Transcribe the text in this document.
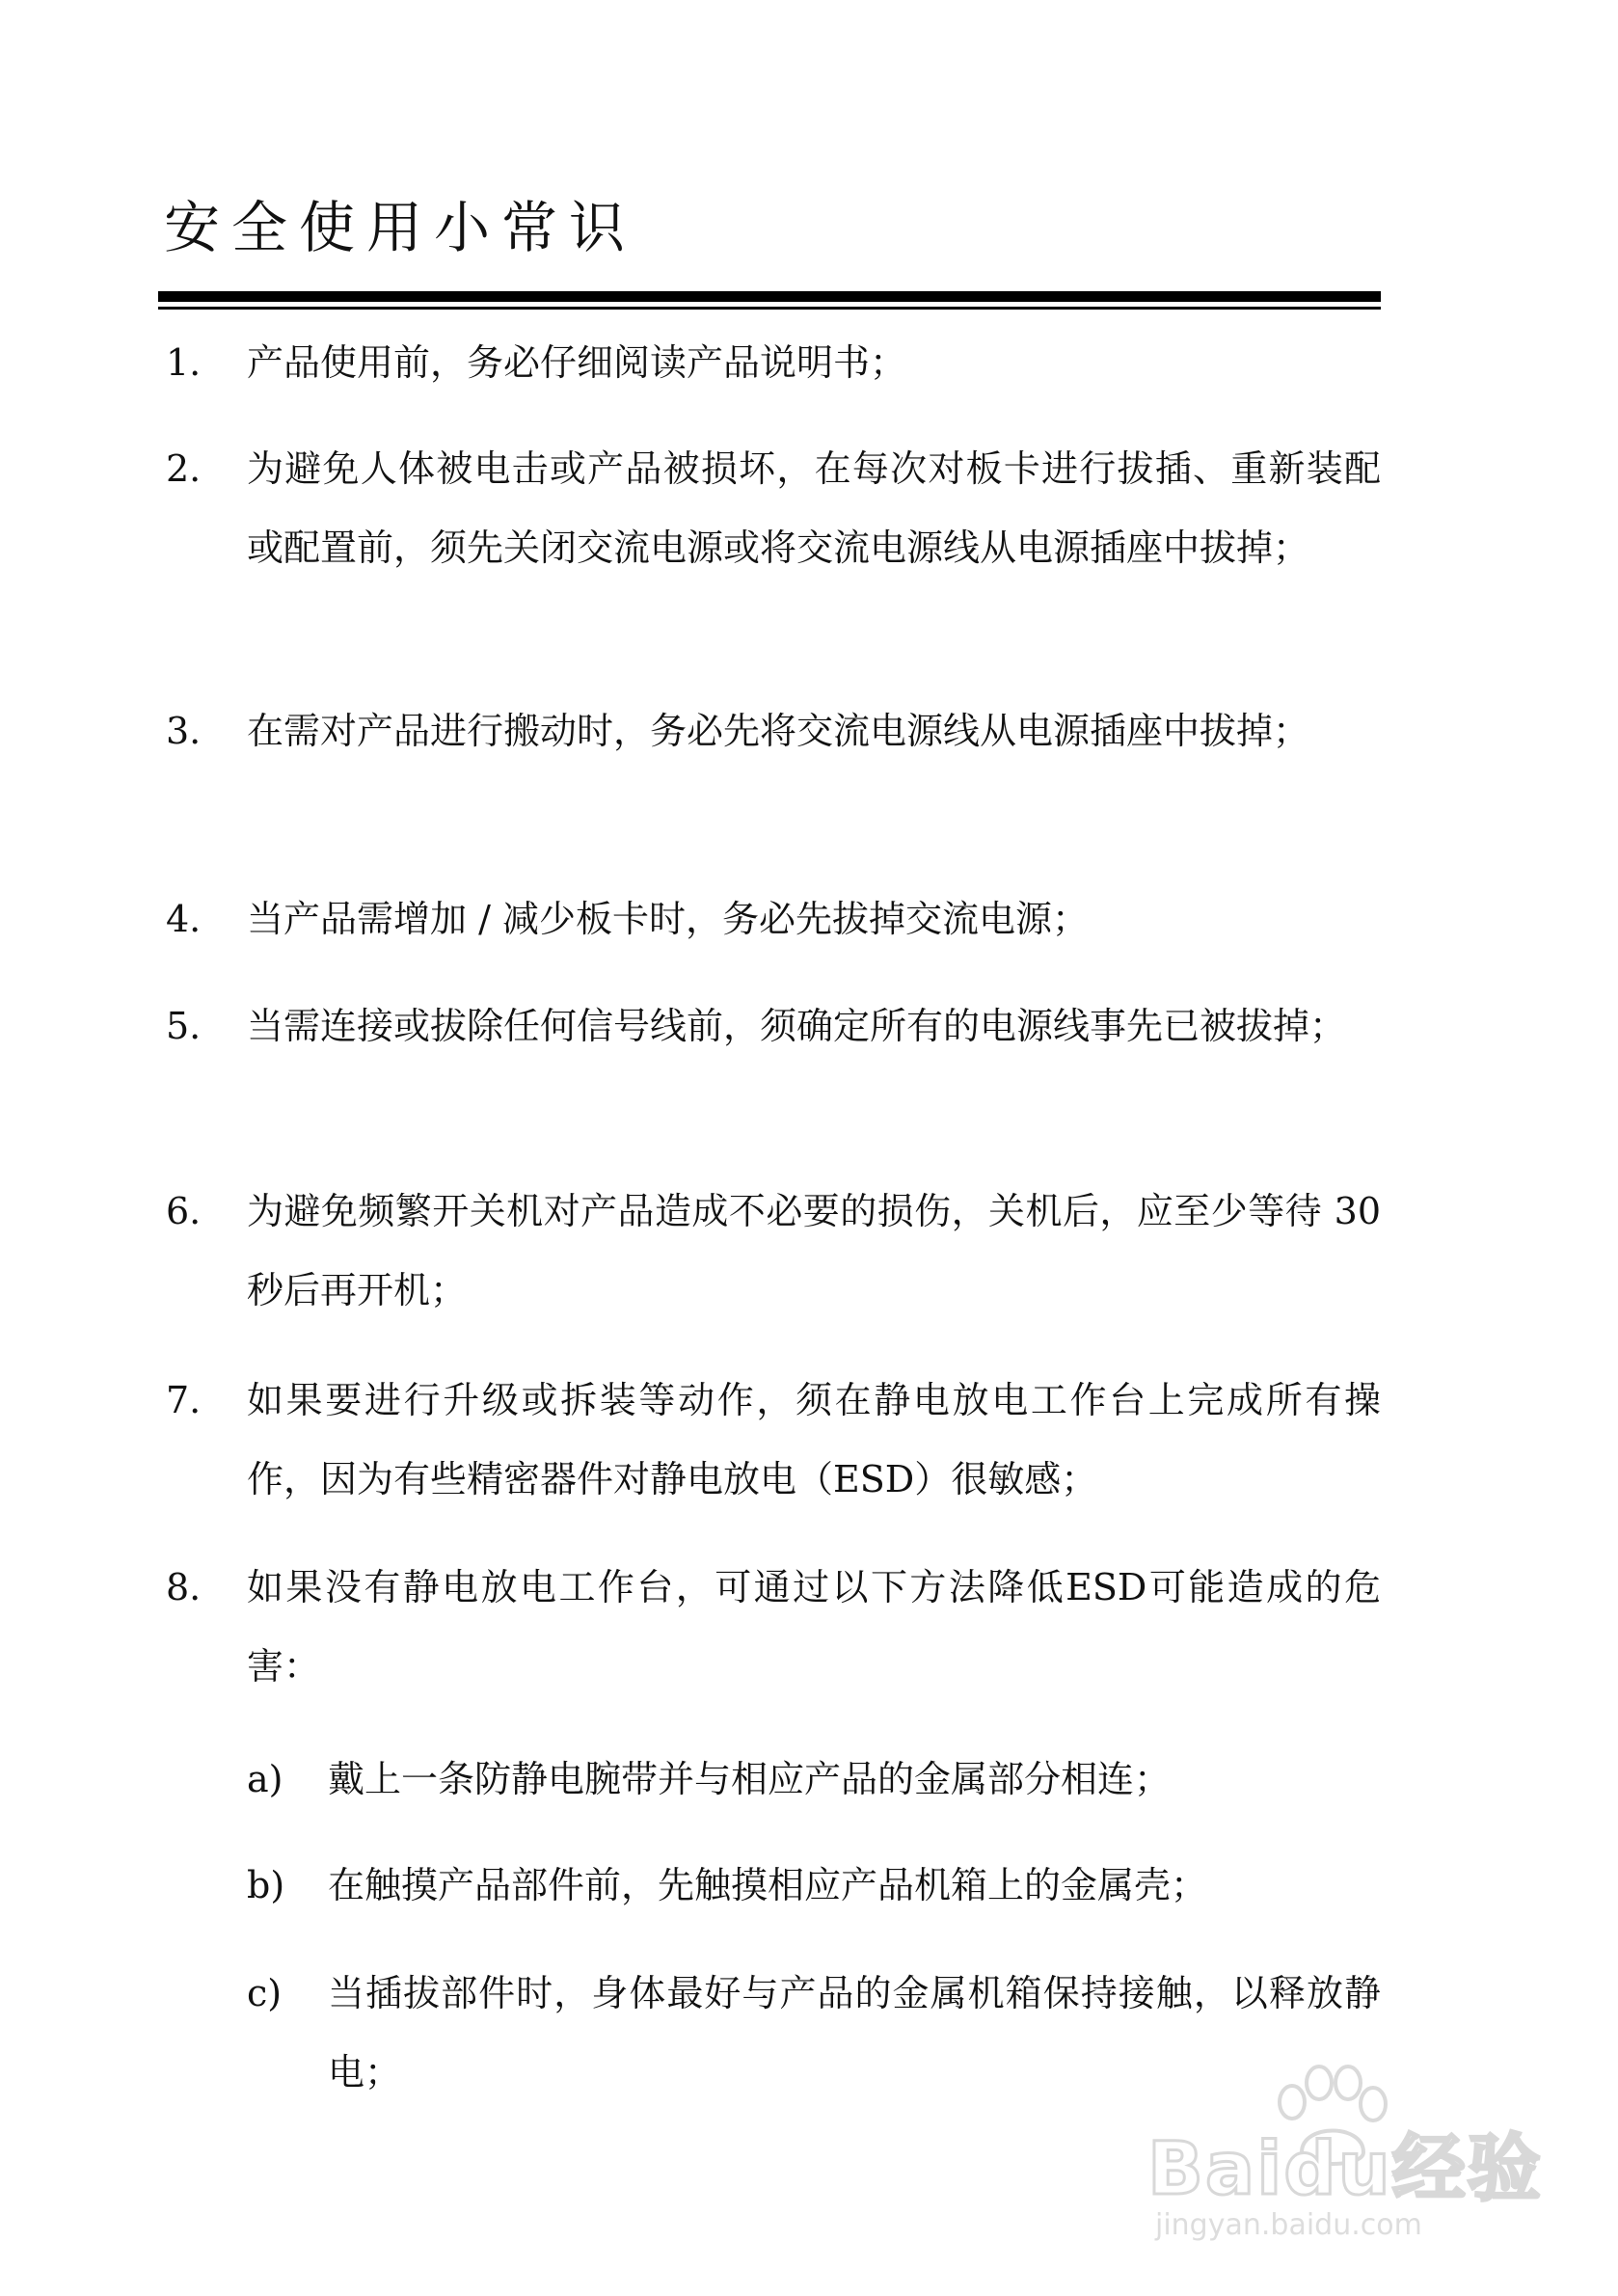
安全使用小常识
1.	产品使用前，务必仔细阅读产品说明书；
2.	为避免人体被电击或产品被损坏，在每次对板卡进行拔插、重新装配或配置前，须先关闭交流电源或将交流电源线从电源插座中拔掉；
3.	在需对产品进行搬动时，务必先将交流电源线从电源插座中拔掉；
4.	当产品需增加 / 减少板卡时，务必先拔掉交流电源；
5.	当需连接或拔除任何信号线前，须确定所有的电源线事先已被拔掉；
6.	为避免频繁开关机对产品造成不必要的损伤，关机后，应至少等待 30 秒后再开机；
7.	如果要进行升级或拆装等动作，须在静电放电工作台上完成所有操作，因为有些精密器件对静电放电（ESD）很敏感；
8.	如果没有静电放电工作台，可通过以下方法降低ESD可能造成的危害：
a)	戴上一条防静电腕带并与相应产品的金属部分相连；
b)	在触摸产品部件前，先触摸相应产品机箱上的金属壳；
c)	当插拔部件时，身体最好与产品的金属机箱保持接触，以释放静电；
Baidu经验
jingyan.baidu.com
